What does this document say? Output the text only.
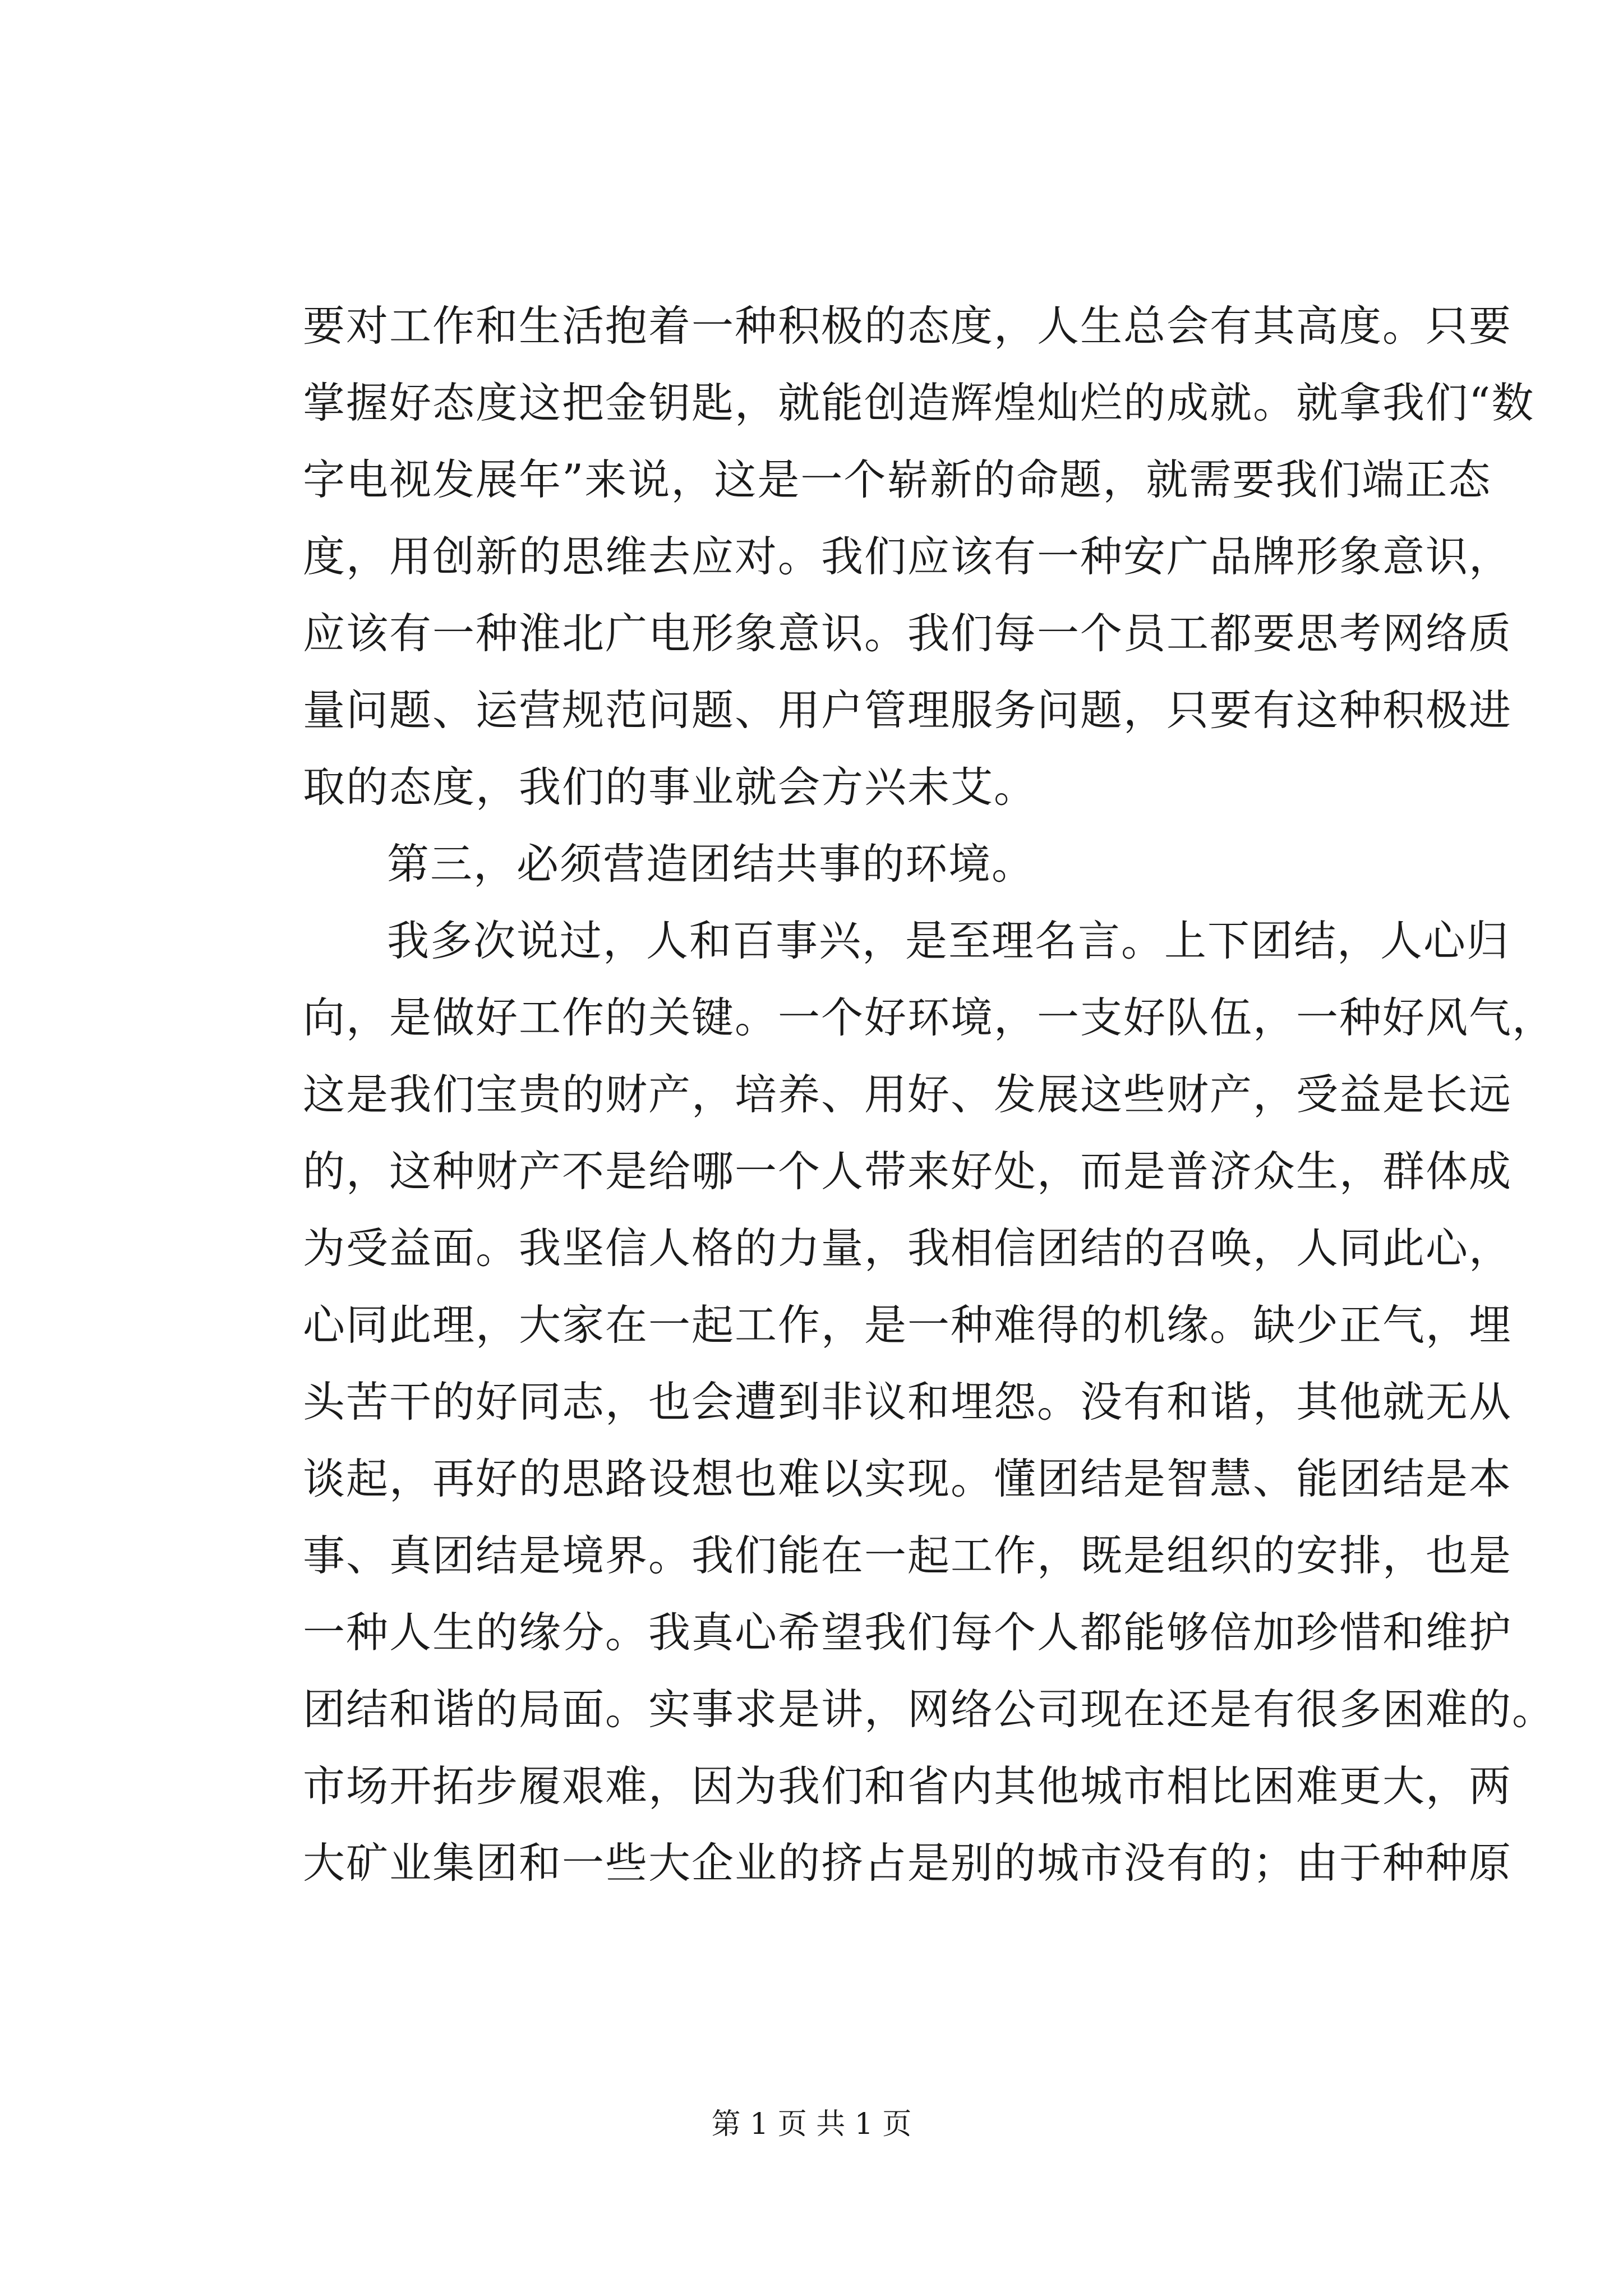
要对工作和生活抱着一种积极的态度，人生总会有其高度。只要
掌握好态度这把金钥匙，就能创造辉煌灿烂的成就。就拿我们“数
字电视发展年”来说，这是一个崭新的命题，就需要我们端正态
度，用创新的思维去应对。我们应该有一种安广品牌形象意识，
应该有一种淮北广电形象意识。我们每一个员工都要思考网络质
量问题、运营规范问题、用户管理服务问题，只要有这种积极进
取的态度，我们的事业就会方兴未艾。
第三，必须营造团结共事的环境。
我多次说过，人和百事兴，是至理名言。上下团结，人心归
向，是做好工作的关键。一个好环境，一支好队伍，一种好风气，
这是我们宝贵的财产，培养、用好、发展这些财产，受益是长远
的，这种财产不是给哪一个人带来好处，而是普济众生，群体成
为受益面。我坚信人格的力量，我相信团结的召唤，人同此心，
心同此理，大家在一起工作，是一种难得的机缘。缺少正气，埋
头苦干的好同志，也会遭到非议和埋怨。没有和谐，其他就无从
谈起，再好的思路设想也难以实现。懂团结是智慧、能团结是本
事、真团结是境界。我们能在一起工作，既是组织的安排，也是
一种人生的缘分。我真心希望我们每个人都能够倍加珍惜和维护
团结和谐的局面。实事求是讲，网络公司现在还是有很多困难的。
市场开拓步履艰难，因为我们和省内其他城市相比困难更大，两
大矿业集团和一些大企业的挤占是别的城市没有的；由于种种原
第 1 页 共 1 页
